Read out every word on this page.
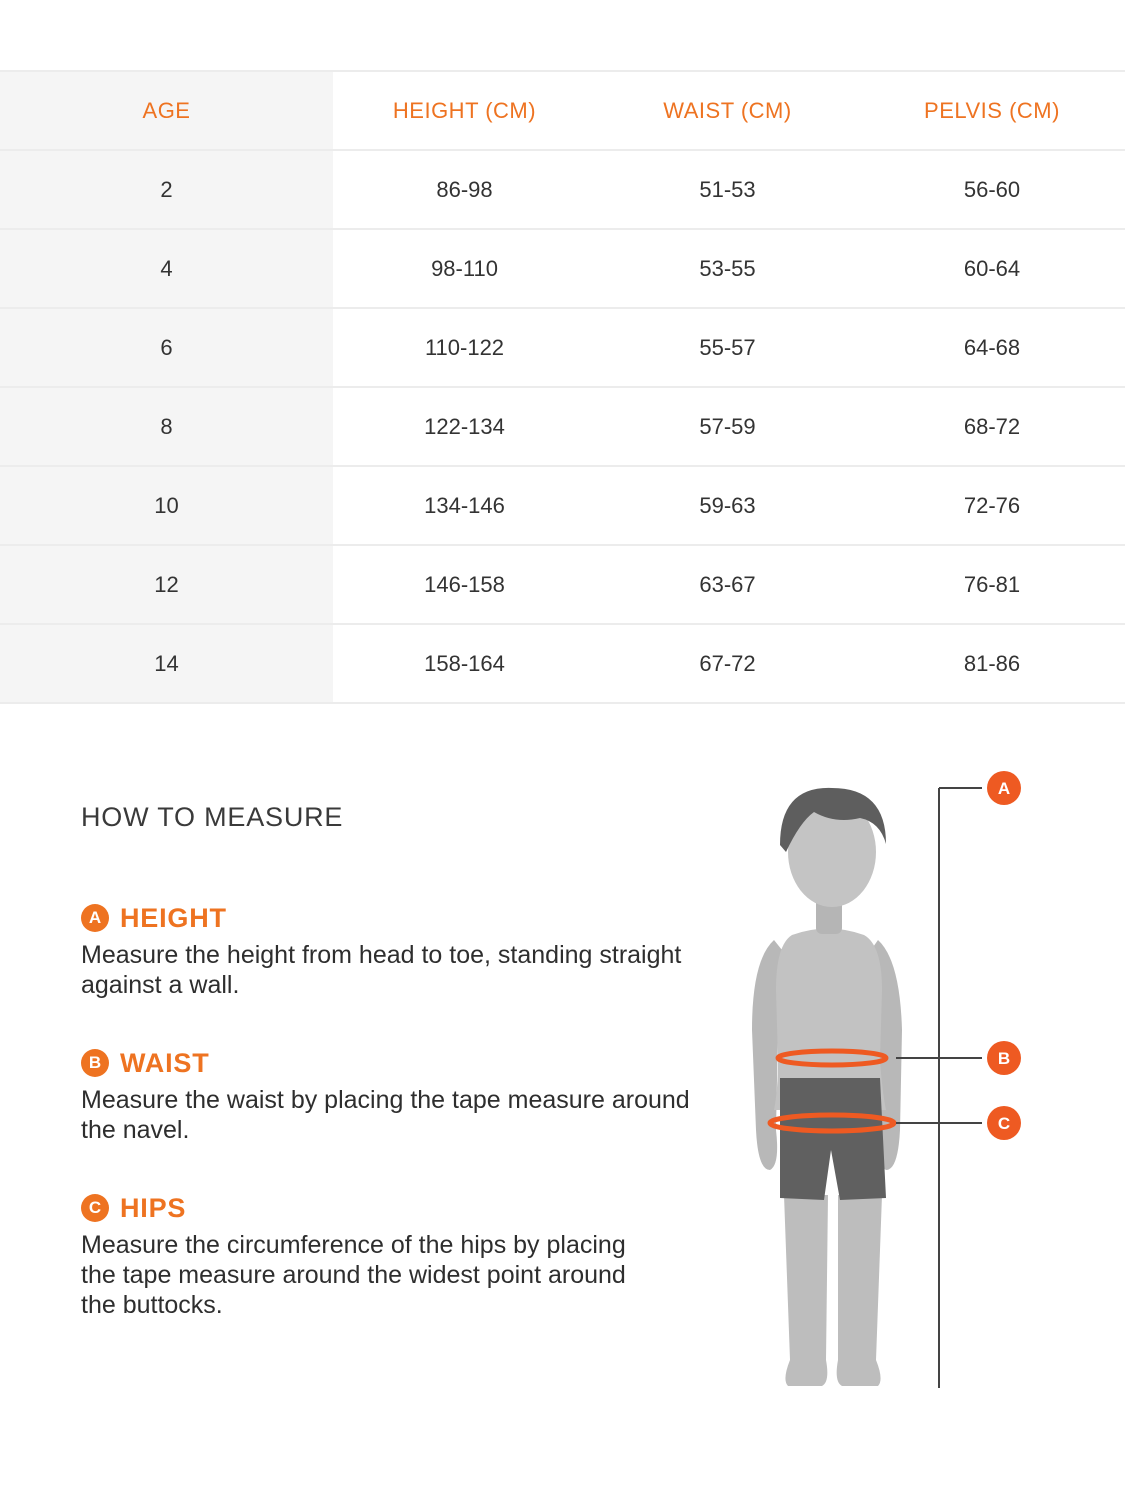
AGE	HEIGHT (CM)	WAIST (CM)	PELVIS (CM)
2	86-98	51-53	56-60
4	98-110	53-55	60-64
6	110-122	55-57	64-68
8	122-134	57-59	68-72
10	134-146	59-63	72-76
12	146-158	63-67	76-81
14	158-164	67-72	81-86
HOW TO MEASURE
A HEIGHT
Measure the height from head to toe, standing straight against a wall.
B WAIST
Measure the waist by placing the tape measure around the navel.
C HIPS
Measure the circumference of the hips by placing the tape measure around the widest point around the buttocks.
A
B
C
